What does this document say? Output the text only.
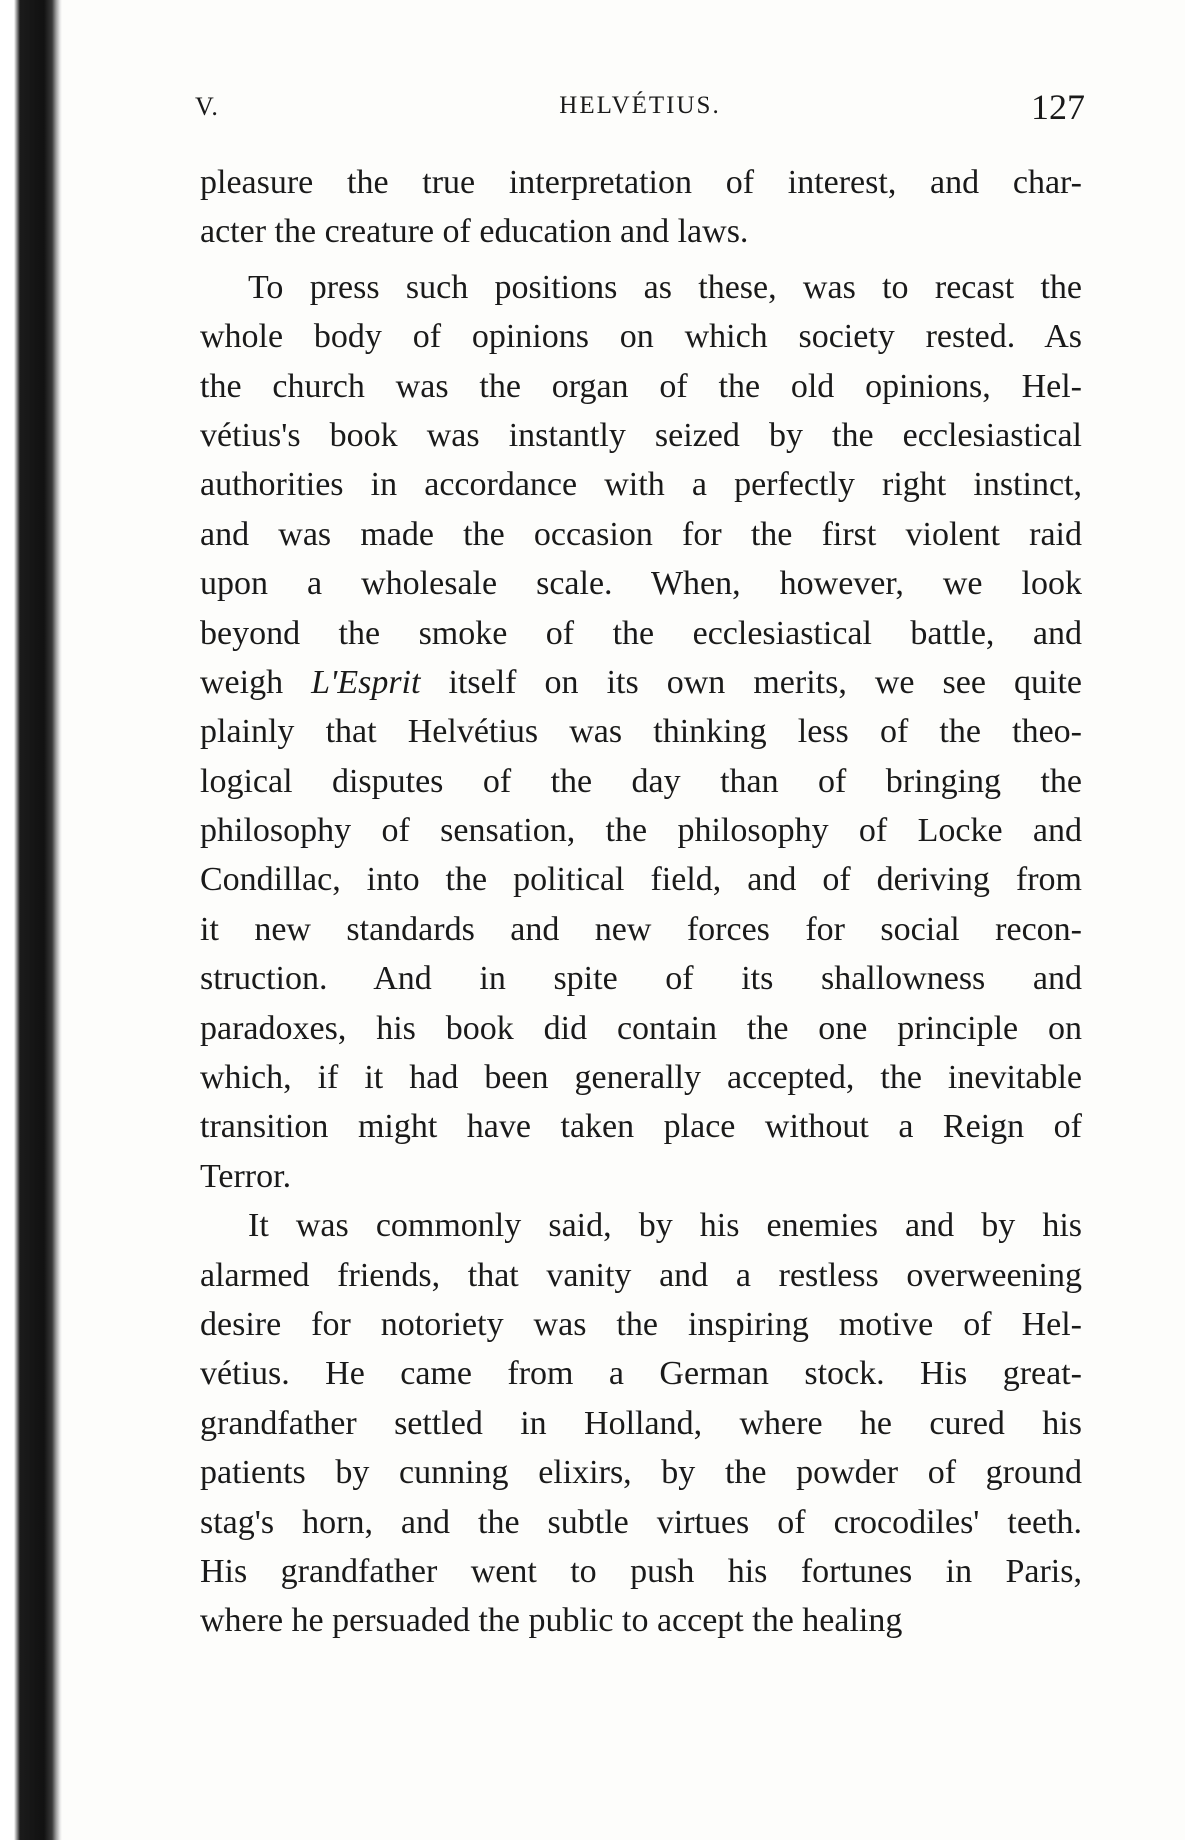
V.	HELVÉTIUS.	127
pleasure the true interpretation of interest, and char-
acter the creature of education and laws.
To press such positions as these, was to recast the
whole body of opinions on which society rested. As
the church was the organ of the old opinions, Hel-
vétius's book was instantly seized by the ecclesiastical
authorities in accordance with a perfectly right instinct,
and was made the occasion for the first violent raid
upon a wholesale scale. When, however, we look
beyond the smoke of the ecclesiastical battle, and
weigh L'Esprit itself on its own merits, we see quite
plainly that Helvétius was thinking less of the theo-
logical disputes of the day than of bringing the
philosophy of sensation, the philosophy of Locke and
Condillac, into the political field, and of deriving from
it new standards and new forces for social recon-
struction. And in spite of its shallowness and
paradoxes, his book did contain the one principle on
which, if it had been generally accepted, the inevitable
transition might have taken place without a Reign of
Terror.
It was commonly said, by his enemies and by his
alarmed friends, that vanity and a restless overweening
desire for notoriety was the inspiring motive of Hel-
vétius. He came from a German stock. His great-
grandfather settled in Holland, where he cured his
patients by cunning elixirs, by the powder of ground
stag's horn, and the subtle virtues of crocodiles' teeth.
His grandfather went to push his fortunes in Paris,
where he persuaded the public to accept the healing
